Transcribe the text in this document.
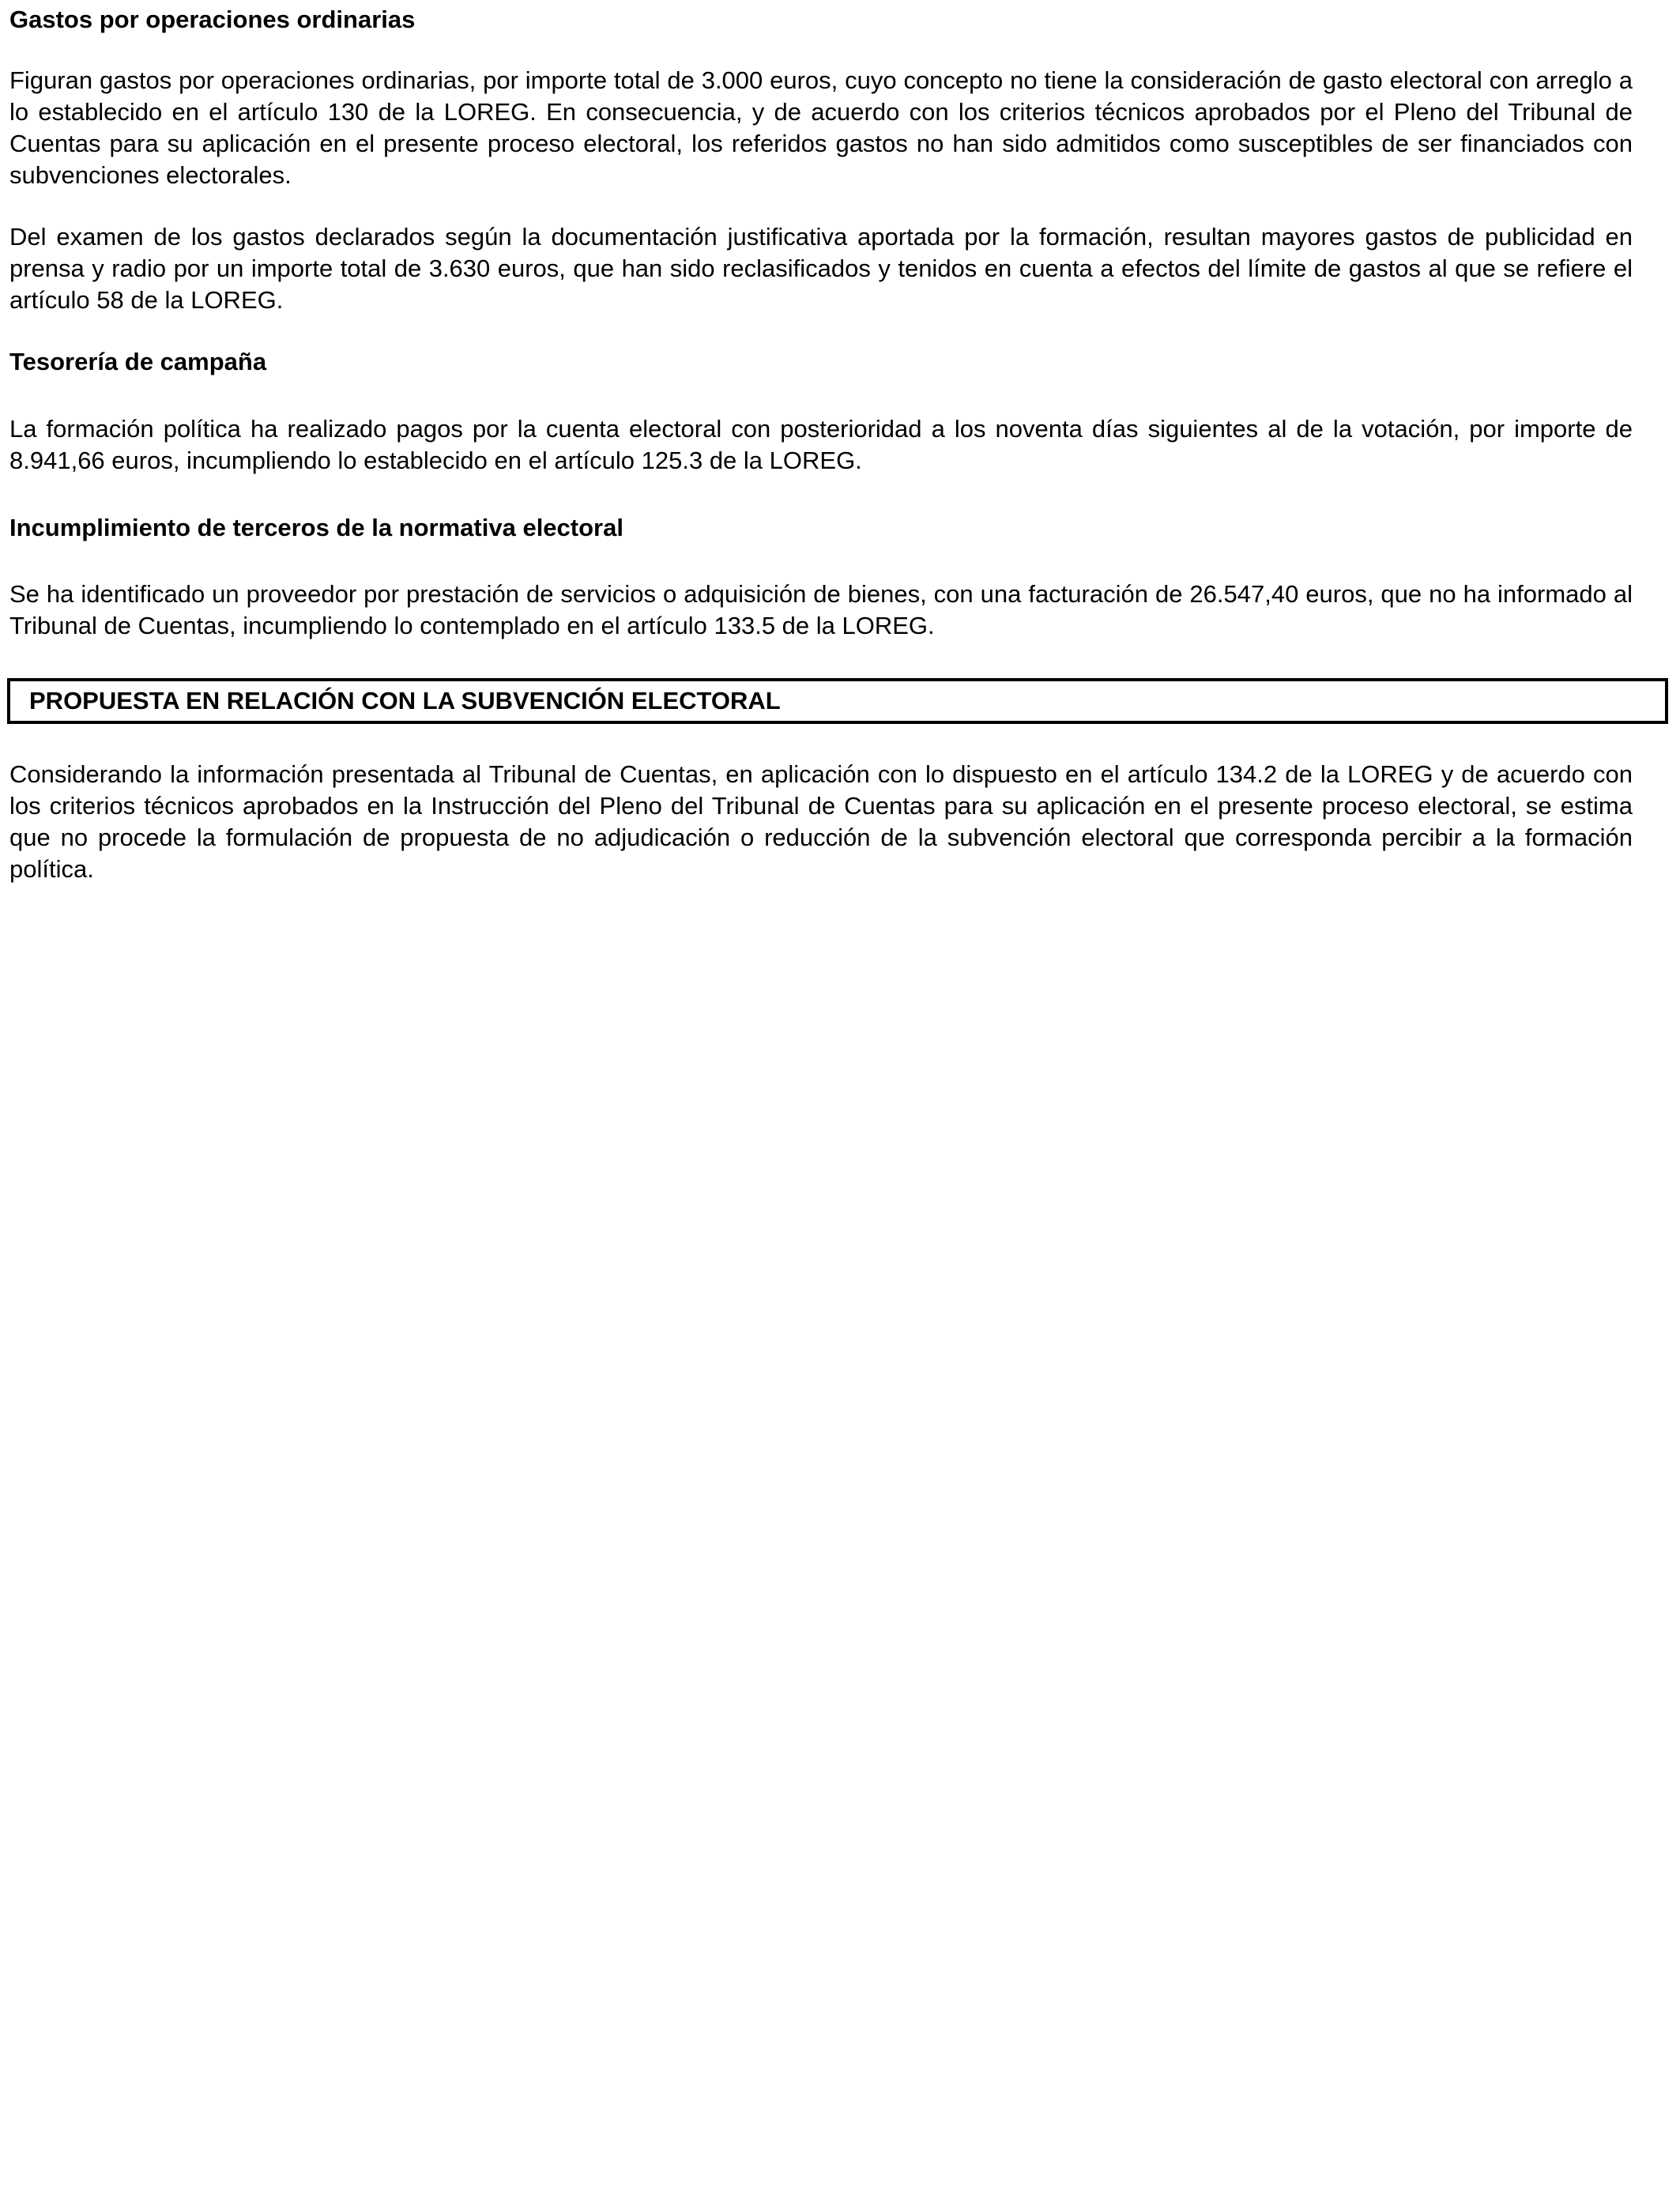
Gastos por operaciones ordinarias

Figuran gastos por operaciones ordinarias, por importe total de 3.000 euros, cuyo concepto no tiene la consideración de gasto electoral con arreglo a lo establecido en el artículo 130 de la LOREG. En consecuencia, y de acuerdo con los criterios técnicos aprobados por el Pleno del Tribunal de Cuentas para su aplicación en el presente proceso electoral, los referidos gastos no han sido admitidos como susceptibles de ser financiados con subvenciones electorales.

Del examen de los gastos declarados según la documentación justificativa aportada por la formación, resultan mayores gastos de publicidad en prensa y radio por un importe total de 3.630 euros, que han sido reclasificados y tenidos en cuenta a efectos del límite de gastos al que se refiere el artículo 58 de la LOREG.

Tesorería de campaña

La formación política ha realizado pagos por la cuenta electoral con posterioridad a los noventa días siguientes al de la votación, por importe de 8.941,66 euros, incumpliendo lo establecido en el artículo 125.3 de la LOREG.

Incumplimiento de terceros de la normativa electoral

Se ha identificado un proveedor por prestación de servicios o adquisición de bienes, con una facturación de 26.547,40 euros, que no ha informado al Tribunal de Cuentas, incumpliendo lo contemplado en el artículo 133.5 de la LOREG.

PROPUESTA EN RELACIÓN CON LA SUBVENCIÓN ELECTORAL

Considerando la información presentada al Tribunal de Cuentas, en aplicación con lo dispuesto en el artículo 134.2 de la LOREG y de acuerdo con los criterios técnicos aprobados en la Instrucción del Pleno del Tribunal de Cuentas para su aplicación en el presente proceso electoral, se estima que no procede la formulación de propuesta de no adjudicación o reducción de la subvención electoral que corresponda percibir a la formación política.
